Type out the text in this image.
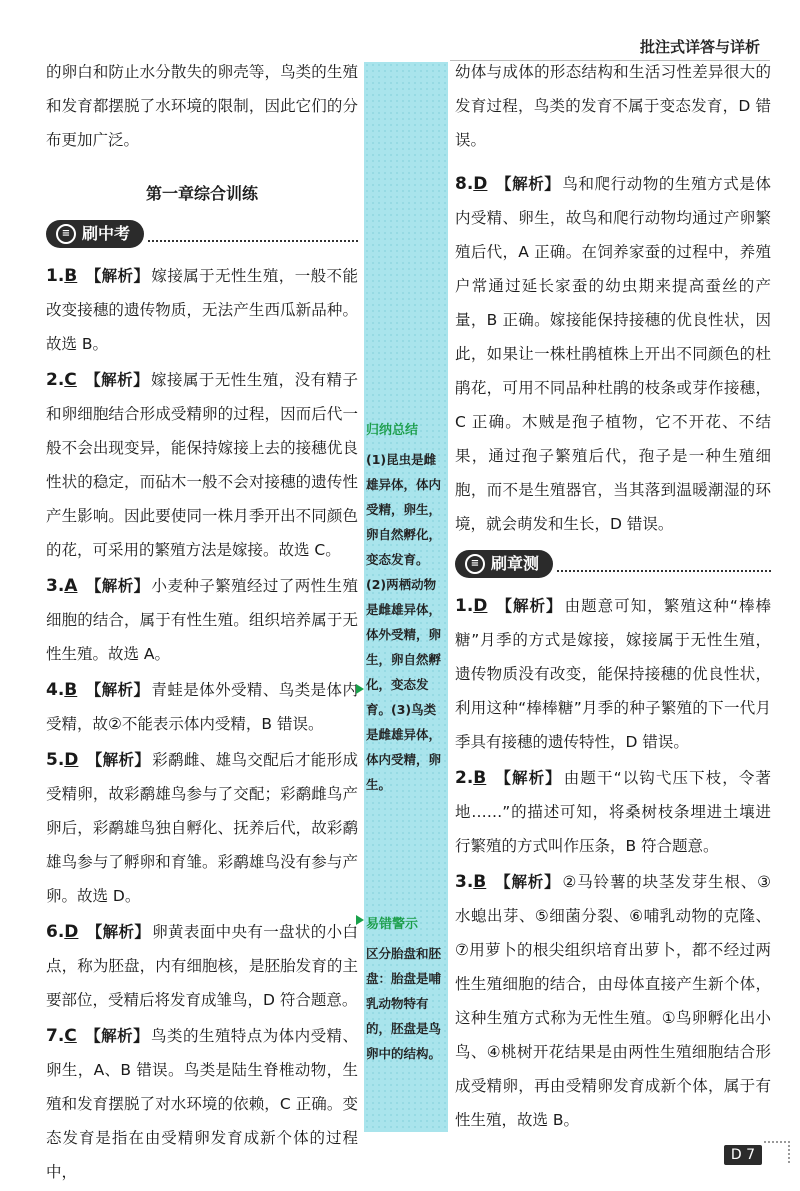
批注式详答与详析

的卵白和防止水分散失的卵壳等，鸟类的生殖和发育都摆脱了水环境的限制，因此它们的分布更加广泛。

第一章综合训练
≡ 刷中考

1.B 【解析】 嫁接属于无性生殖，一般不能改变接穗的遗传物质，无法产生西瓜新品种。故选 B。

2.C 【解析】 嫁接属于无性生殖，没有精子和卵细胞结合形成受精卵的过程，因而后代一般不会出现变异，能保持嫁接上去的接穗优良性状的稳定，而砧木一般不会对接穗的遗传性产生影响。因此要使同一株月季开出不同颜色的花，可采用的繁殖方法是嫁接。故选 C。

3.A 【解析】 小麦种子繁殖经过了两性生殖细胞的结合，属于有性生殖。组织培养属于无性生殖。故选 A。

4.B 【解析】 青蛙是体外受精、鸟类是体内受精，故②不能表示体内受精，B 错误。

5.D 【解析】 彩鹬雌、雄鸟交配后才能形成受精卵，故彩鹬雄鸟参与了交配；彩鹬雌鸟产卵后，彩鹬雄鸟独自孵化、抚养后代，故彩鹬雄鸟参与了孵卵和育雏。彩鹬雄鸟没有参与产卵。故选 D。

6.D 【解析】 卵黄表面中央有一盘状的小白点，称为胚盘，内有细胞核，是胚胎发育的主要部位，受精后将发育成雏鸟，D 符合题意。

7.C 【解析】 鸟类的生殖特点为体内受精、卵生，A、B 错误。鸟类是陆生脊椎动物，生殖和发育摆脱了对水环境的依赖，C 正确。变态发育是指在由受精卵发育成新个体的过程中，

归纳总结
(1)昆虫是雌雄异体，体内受精，卵生，卵自然孵化，变态发育。(2)两栖动物是雌雄异体，体外受精，卵生，卵自然孵化，变态发育。(3)鸟类是雌雄异体，体内受精，卵生。
易错警示
区分胎盘和胚盘：胎盘是哺乳动物特有的，胚盘是鸟卵中的结构。

幼体与成体的形态结构和生活习性差异很大的发育过程，鸟类的发育不属于变态发育，D 错误。

8.D 【解析】 鸟和爬行动物的生殖方式是体内受精、卵生，故鸟和爬行动物均通过产卵繁殖后代，A 正确。在饲养家蚕的过程中，养殖户常通过延长家蚕的幼虫期来提高蚕丝的产量，B 正确。嫁接能保持接穗的优良性状，因此，如果让一株杜鹃植株上开出不同颜色的杜鹃花，可用不同品种杜鹃的枝条或芽作接穗，C 正确。木贼是孢子植物，它不开花、不结果，通过孢子繁殖后代，孢子是一种生殖细胞，而不是生殖器官，当其落到温暖潮湿的环境，就会萌发和生长，D 错误。

≡ 刷章测

1.D 【解析】 由题意可知，繁殖这种“棒棒糖”月季的方式是嫁接，嫁接属于无性生殖，遗传物质没有改变，能保持接穗的优良性状，利用这种“棒棒糖”月季的种子繁殖的下一代月季具有接穗的遗传特性，D 错误。

2.B 【解析】 由题干“以钩弋压下枝，令著地……”的描述可知，将桑树枝条埋进土壤进行繁殖的方式叫作压条，B 符合题意。

3.B 【解析】 ②马铃薯的块茎发芽生根、③水螅出芽、⑤细菌分裂、⑥哺乳动物的克隆、⑦用萝卜的根尖组织培育出萝卜，都不经过两性生殖细胞的结合，由母体直接产生新个体，这种生殖方式称为无性生殖。①鸟卵孵化出小鸟、④桃树开花结果是由两性生殖细胞结合形成受精卵，再由受精卵发育成新个体，属于有性生殖，故选 B。

D 7
